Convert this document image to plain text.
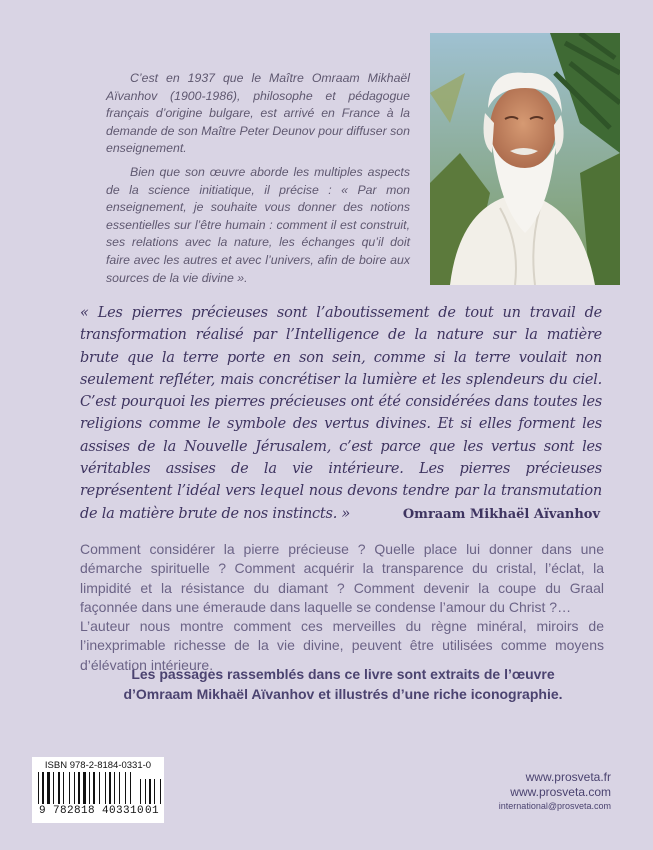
C’est en 1937 que le Maître Omraam Mikhaël Aïvanhov (1900-1986), philosophe et pédagogue français d’origine bulgare, est arrivé en France à la demande de son Maître Peter Deunov pour diffuser son enseignement.

Bien que son œuvre aborde les multiples aspects de la science initiatique, il précise : « Par mon enseignement, je souhaite vous donner des notions essentielles sur l’être humain : comment il est construit, ses relations avec la nature, les échanges qu’il doit faire avec les autres et avec l’univers, afin de boire aux sources de la vie divine ».

« Les pierres précieuses sont l’aboutissement de tout un travail de transformation réalisé par l’Intelligence de la nature sur la matière brute que la terre porte en son sein, comme si la terre voulait non seulement refléter, mais concrétiser la lumière et les splendeurs du ciel. C’est pourquoi les pierres précieuses ont été considérées dans toutes les religions comme le symbole des vertus divines. Et si elles forment les assises de la Nouvelle Jérusalem, c’est parce que les vertus sont les véritables assises de la vie intérieure. Les pierres précieuses représentent l’idéal vers lequel nous devons tendre par la transmutation de la matière brute de nos instincts. »	Omraam Mikhaël Aïvanhov

Comment considérer la pierre précieuse ? Quelle place lui donner dans une démarche spirituelle ? Comment acquérir la transparence du cristal, l’éclat, la limpidité et la résistance du diamant ? Comment devenir la coupe du Graal façonnée dans une émeraude dans laquelle se condense l’amour du Christ ?…

L’auteur nous montre comment ces merveilles du règne minéral, miroirs de l’inexprimable richesse de la vie divine, peuvent être utilisées comme moyens d’élévation intérieure.

Les passages rassemblés dans ce livre sont extraits de l’œuvre d’Omraam Mikhaël Aïvanhov et illustrés d’une riche iconographie.

ISBN 978-2-8184-0331-0
9 782818 403310 01
www.prosveta.fr
www.prosveta.com
international@prosveta.com
